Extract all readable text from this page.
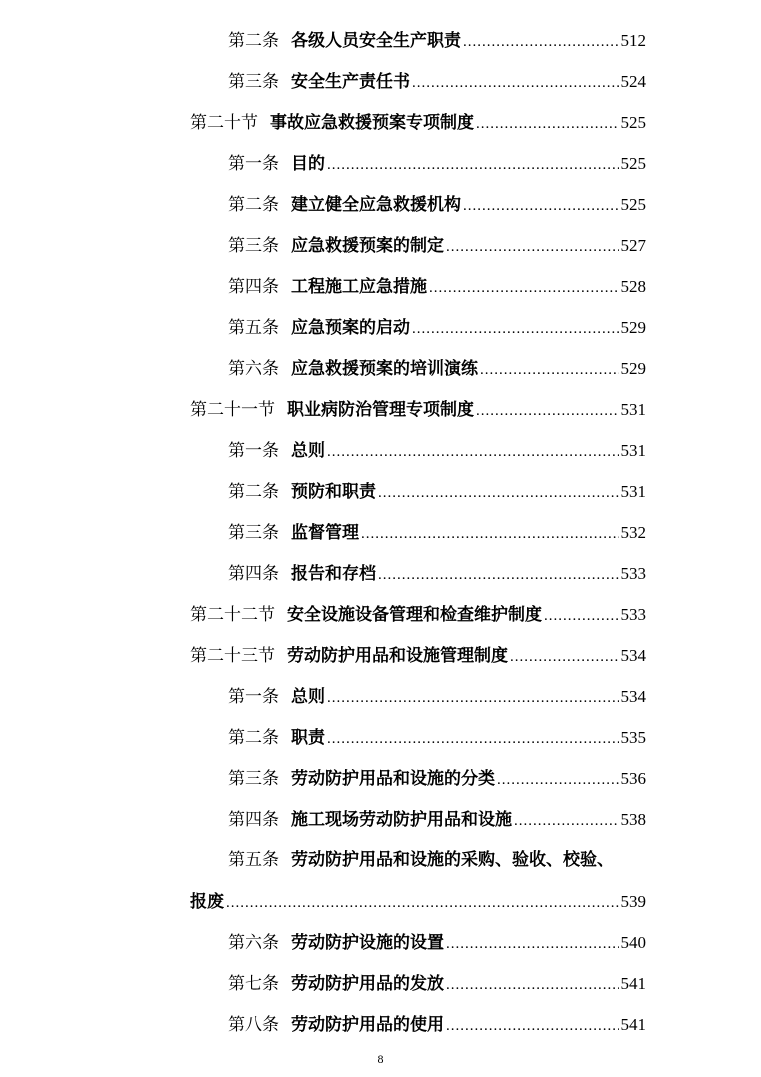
第二条 各级人员安全生产职责 .....	512
第三条 安全生产责任书 .....	524
第二十节 事故应急救援预案专项制度 .....	525
第一条 目的 .....	525
第二条 建立健全应急救援机构 .....	525
第三条 应急救援预案的制定 .....	527
第四条 工程施工应急措施 .....	528
第五条 应急预案的启动 .....	529
第六条 应急救援预案的培训演练 .....	529
第二十一节 职业病防治管理专项制度 .....	531
第一条 总则 .....	531
第二条 预防和职责 .....	531
第三条 监督管理 .....	532
第四条 报告和存档 .....	533
第二十二节 安全设施设备管理和检查维护制度 .....	533
第二十三节 劳动防护用品和设施管理制度 .....	534
第一条 总则 .....	534
第二条 职责 .....	535
第三条 劳动防护用品和设施的分类 .....	536
第四条 施工现场劳动防护用品和设施 .....	538
第五条 劳动防护用品和设施的采购、验收、校验、
报废 .....	539
第六条 劳动防护设施的设置 .....	540
第七条 劳动防护用品的发放 .....	541
第八条 劳动防护用品的使用 .....	541
8
